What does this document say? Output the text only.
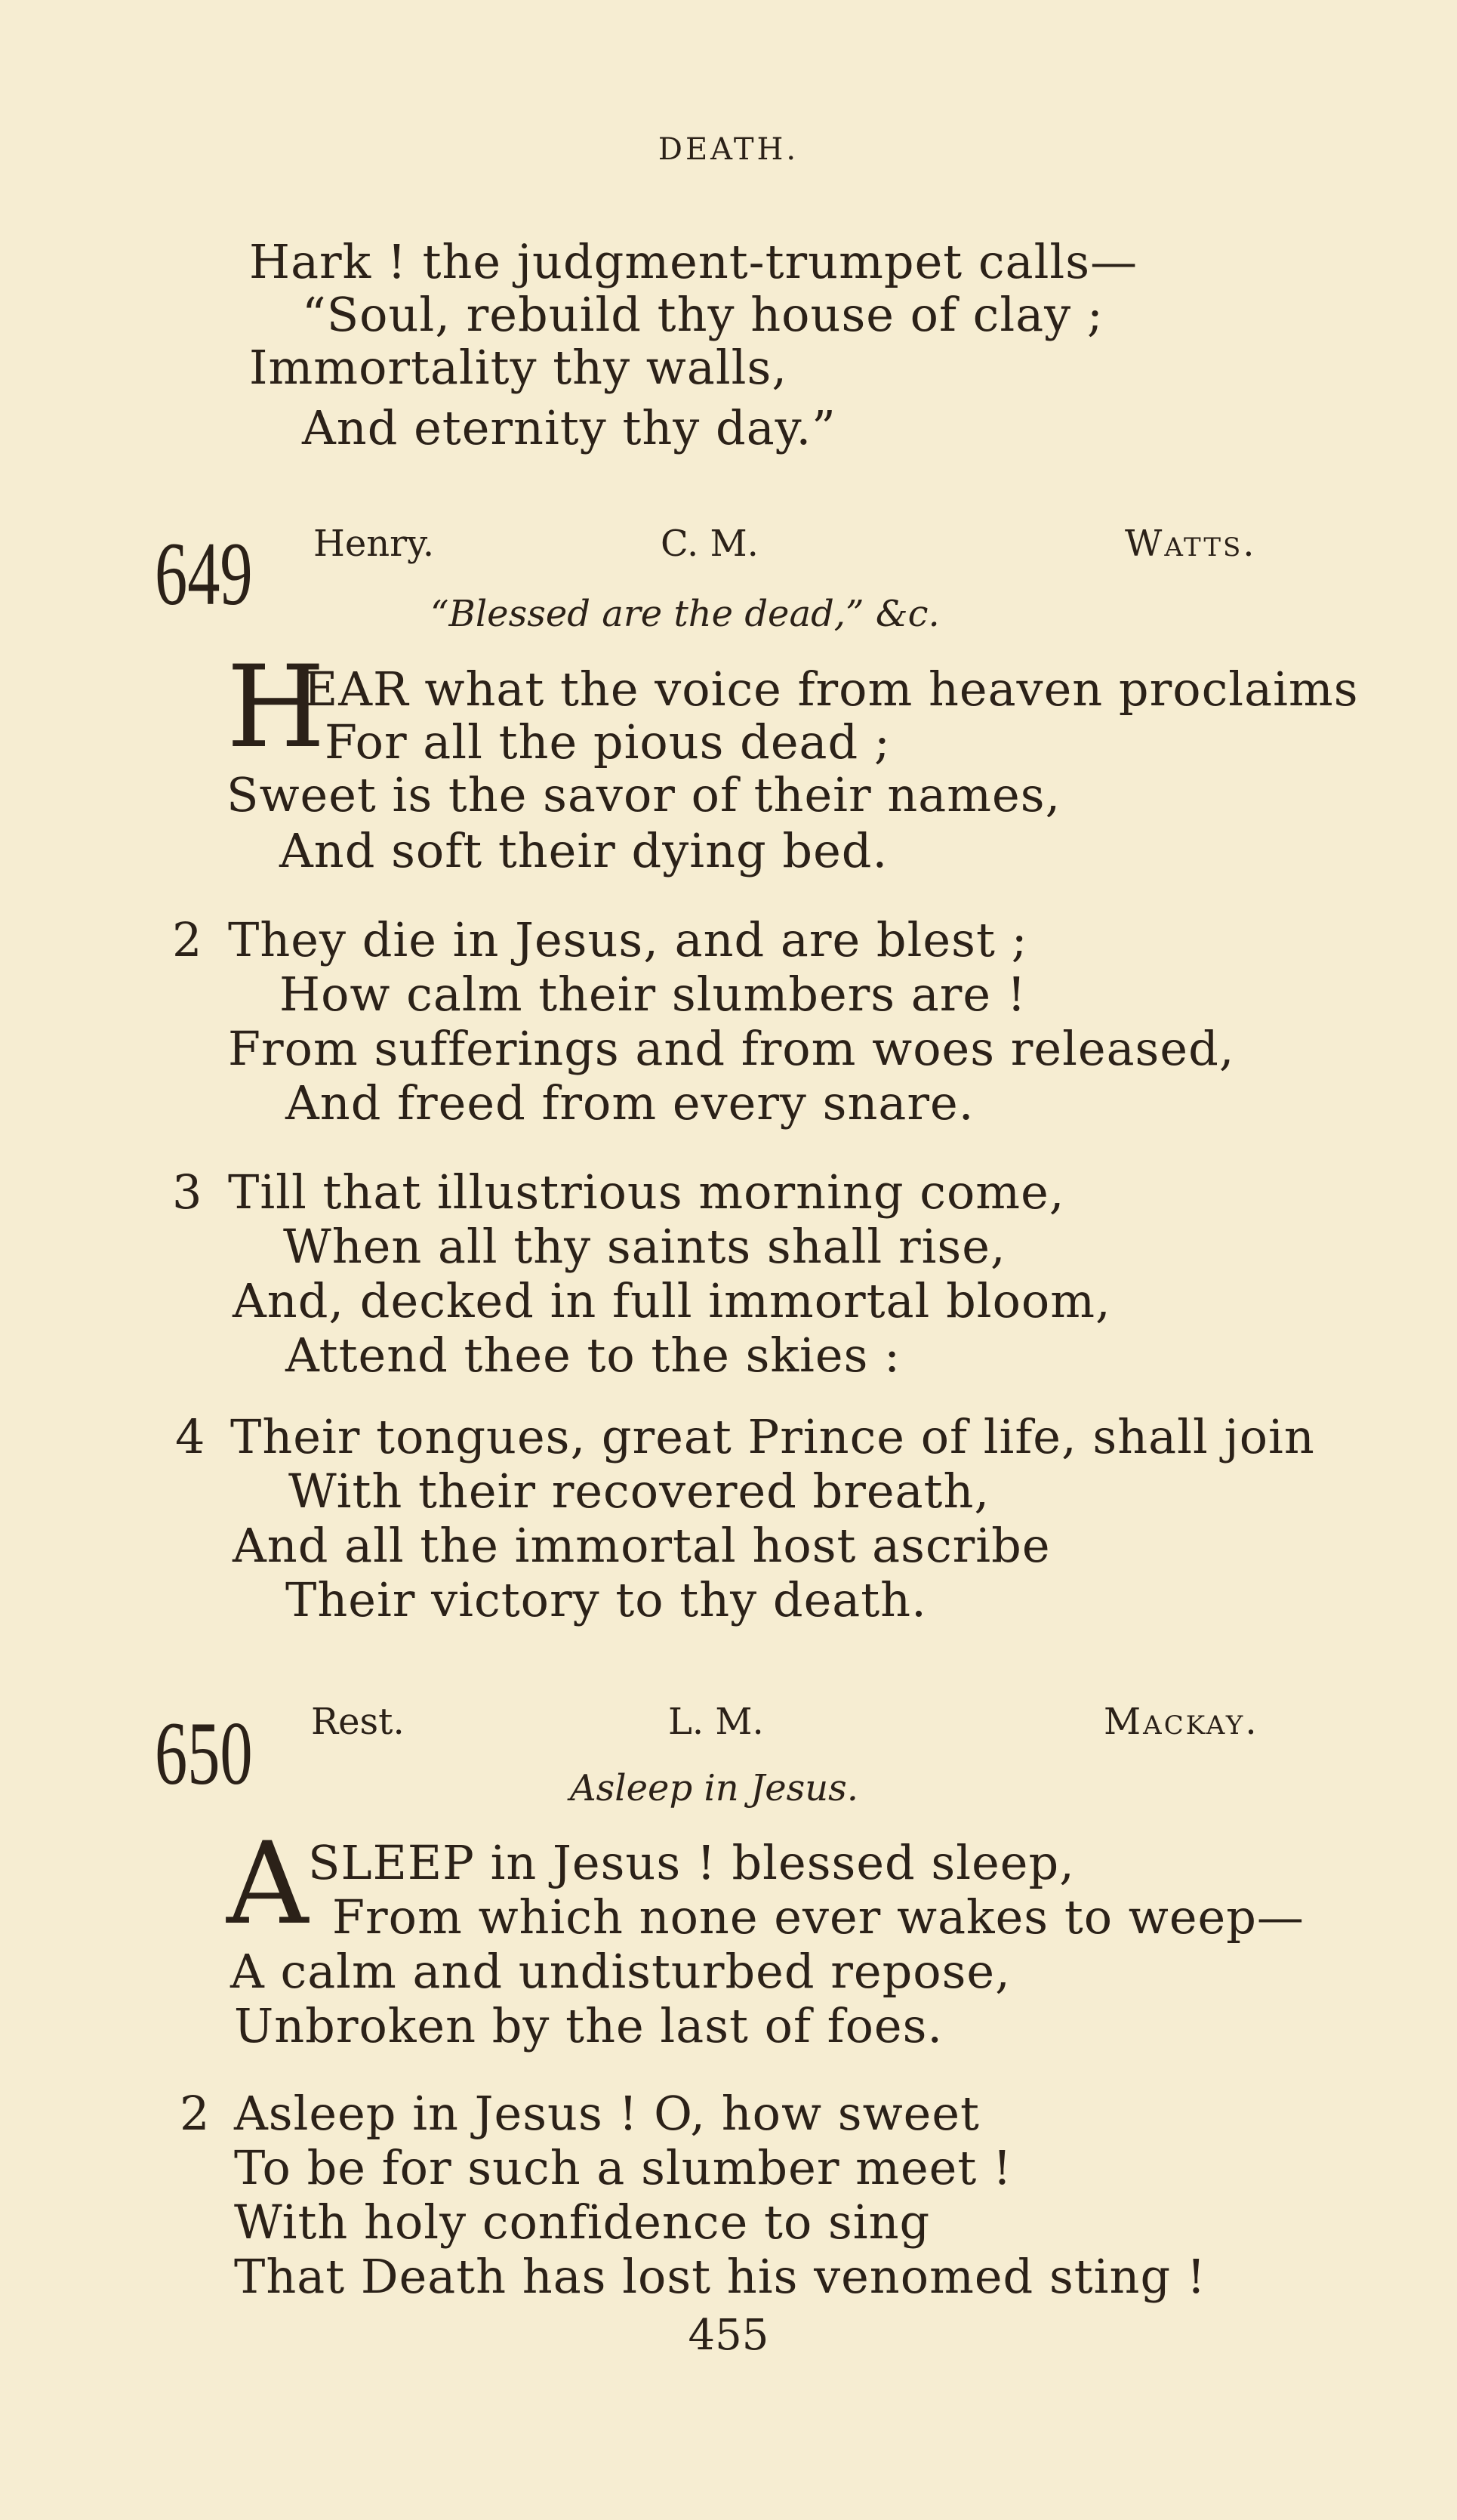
DEATH.
Hark ! the judgment-trumpet calls—
“Soul, rebuild thy house of clay ;
Immortality thy walls,
And eternity thy day.”
649 Henry.	C. M.	Watts.
“Blessed are the dead,” &c.
H
EAR what the voice from heaven proclaims
For all the pious dead ;
Sweet is the savor of their names,
And soft their dying bed.
2 They die in Jesus, and are blest ;
How calm their slumbers are !
From sufferings and from woes released,
And freed from every snare.
3 Till that illustrious morning come,
When all thy saints shall rise,
And, decked in full immortal bloom,
Attend thee to the skies :
4 Their tongues, great Prince of life, shall join
With their recovered breath,
And all the immortal host ascribe
Their victory to thy death.
650 Rest.	L. M.	Mackay.
Asleep in Jesus.
A SLEEP in Jesus ! blessed sleep,
From which none ever wakes to weep—
A calm and undisturbed repose,
Unbroken by the last of foes.
2 Asleep in Jesus ! O, how sweet
To be for such a slumber meet !
With holy confidence to sing
That Death has lost his venomed sting !
455
